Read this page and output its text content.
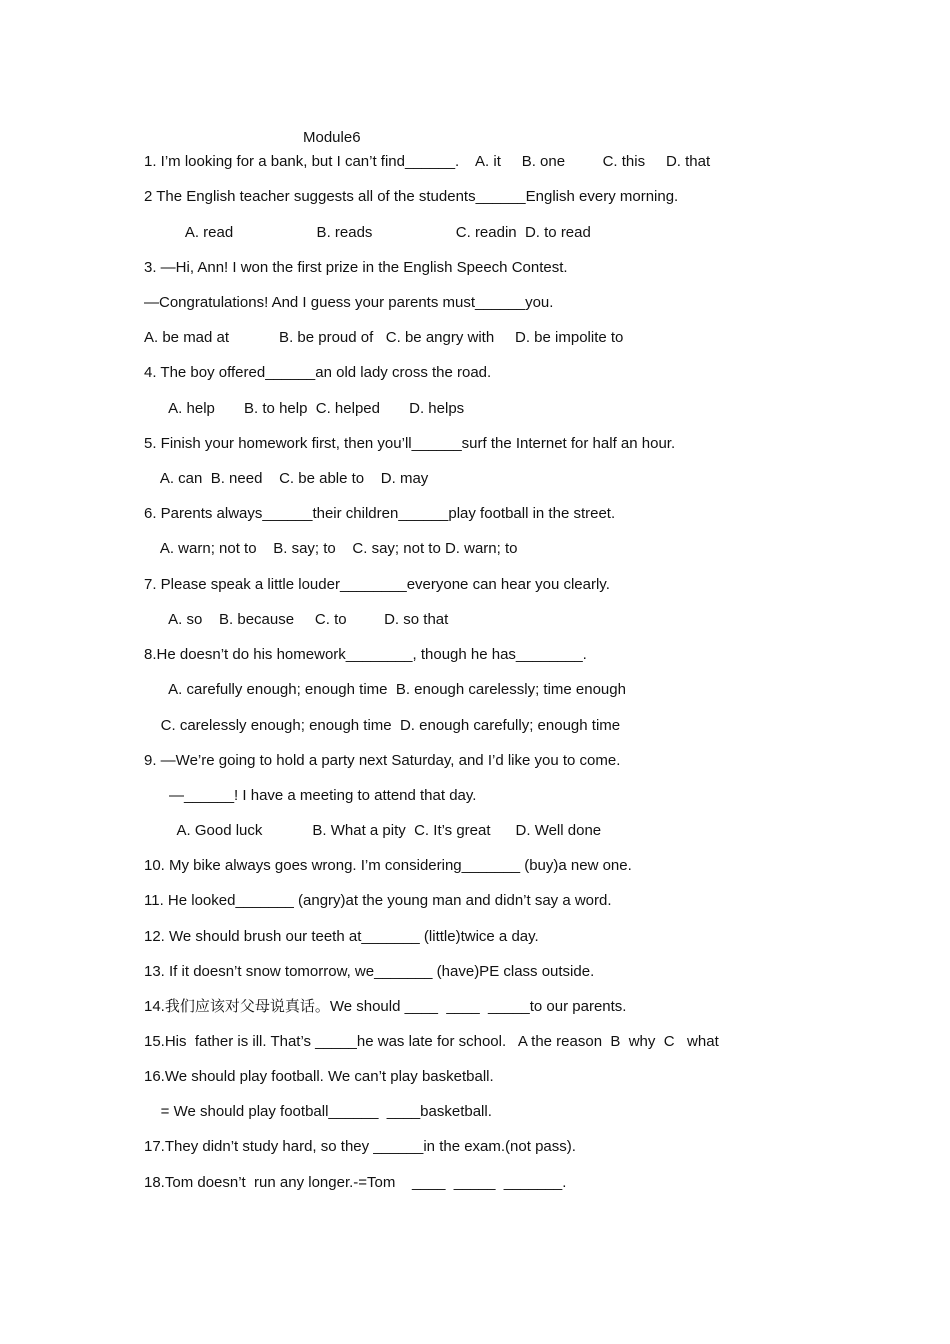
Module6
1. I’m looking for a bank, but I can’t find______.    A. it     B. one         C. this     D. that
2 The English teacher suggests all of the students______English every morning.
A. read                    B. reads                    C. readin  D. to read
3. —Hi, Ann! I won the first prize in the English Speech Contest.
—Congratulations! And I guess your parents must______you.
A. be mad at            B. be proud of   C. be angry with     D. be impolite to
4. The boy offered______an old lady cross the road.
A. help       B. to help  C. helped       D. helps
5. Finish your homework first, then you’ll______surf the Internet for half an hour.
A. can  B. need    C. be able to    D. may
6. Parents always______their children______play football in the street.
A. warn; not to    B. say; to    C. say; not to D. warn; to
7. Please speak a little louder________everyone can hear you clearly.
A. so    B. because     C. to         D. so that
8.He doesn’t do his homework________, though he has________.
A. carefully enough; enough time  B. enough carelessly; time enough
C. carelessly enough; enough time  D. enough carefully; enough time
9. —We’re going to hold a party next Saturday, and I’d like you to come.
—______! I have a meeting to attend that day.
A. Good luck            B. What a pity  C. It’s great      D. Well done
10. My bike always goes wrong. I’m considering_______ (buy)a new one.
11. He looked_______ (angry)at the young man and didn’t say a word.
12. We should brush our teeth at_______ (little)twice a day.
13. If it doesn’t snow tomorrow, we_______ (have)PE class outside.
14.我们应该对父母说真话。We should ____  ____  _____to our parents.
15.His  father is ill. That’s _____he was late for school.   A the reason  B  why  C   what
16.We should play football. We can’t play basketball.
= We should play football______  ____basketball.
17.They didn’t study hard, so they ______in the exam.(not pass).
18.Tom doesn’t  run any longer.-=Tom    ____  _____  _______.
